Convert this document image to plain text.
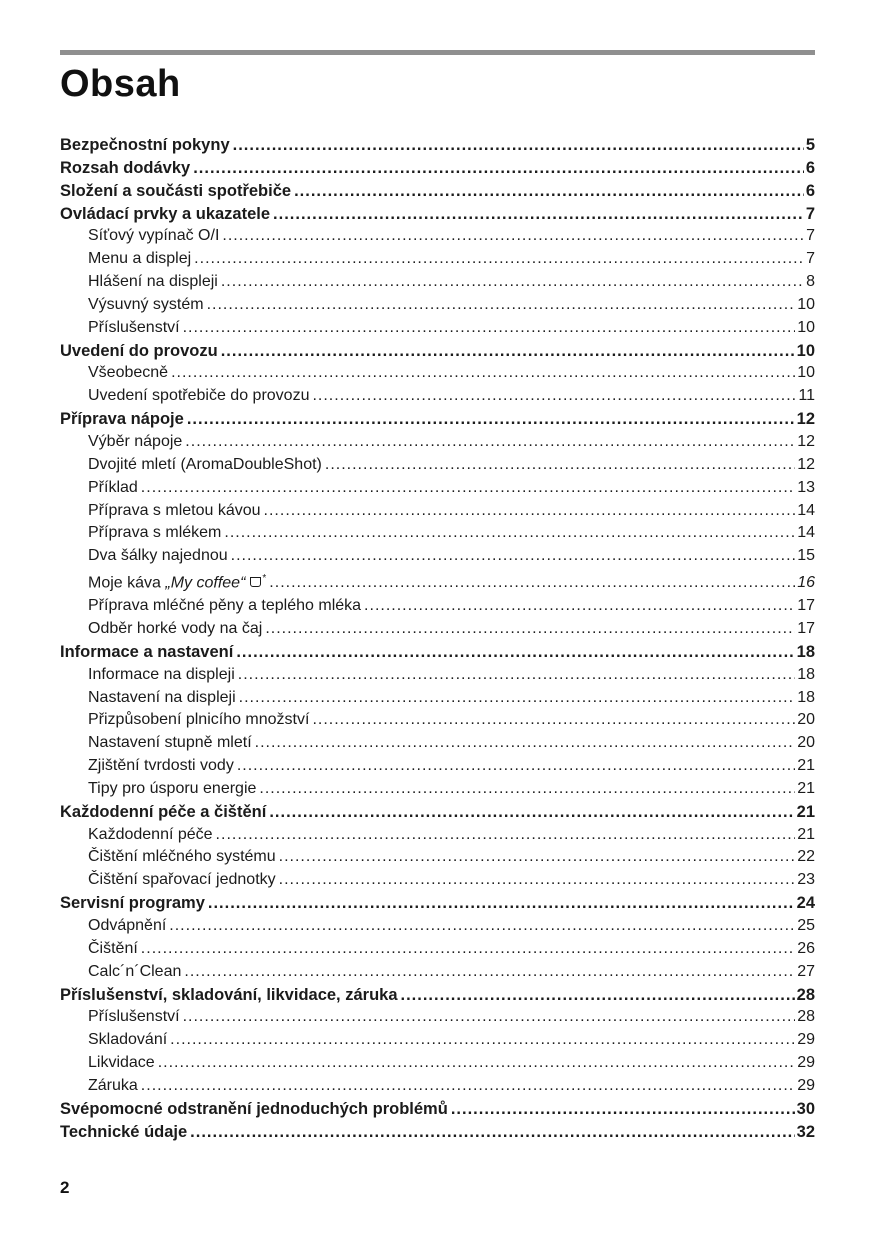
Obsah
Bezpečnostní pokyny .....	5
Rozsah dodávky .....	6
Složení a součásti spotřebiče .....	6
Ovládací prvky a ukazatele .....	7
Síťový vypínač O/I .....	7
Menu a displej .....	7
Hlášení na displeji .....	8
Výsuvný systém .....	10
Příslušenství .....	10
Uvedení do provozu .....	10
Všeobecně .....	10
Uvedení spotřebiče do provozu .....	11
Příprava nápoje .....	12
Výběr nápoje .....	12
Dvojité mletí (AromaDoubleShot) .....	12
Příklad .....	13
Příprava s mletou kávou .....	14
Příprava s mlékem .....	14
Dva šálky najednou .....	15
Moje káva „My coffee“ * .....	16
Příprava mléčné pěny a teplého mléka .....	17
Odběr horké vody na čaj .....	17
Informace a nastavení .....	18
Informace na displeji .....	18
Nastavení na displeji .....	18
Přizpůsobení plnicího množství .....	20
Nastavení stupně mletí .....	20
Zjištění tvrdosti vody .....	21
Tipy pro úsporu energie .....	21
Každodenní péče a čištění .....	21
Každodenní péče .....	21
Čištění mléčného systému .....	22
Čištění spařovací jednotky .....	23
Servisní programy .....	24
Odvápnění .....	25
Čištění .....	26
Calc´n´Clean .....	27
Příslušenství, skladování, likvidace, záruka .....	28
Příslušenství .....	28
Skladování .....	29
Likvidace .....	29
Záruka .....	29
Svépomocné odstranění jednoduchých problémů .....	30
Technické údaje .....	32
2
